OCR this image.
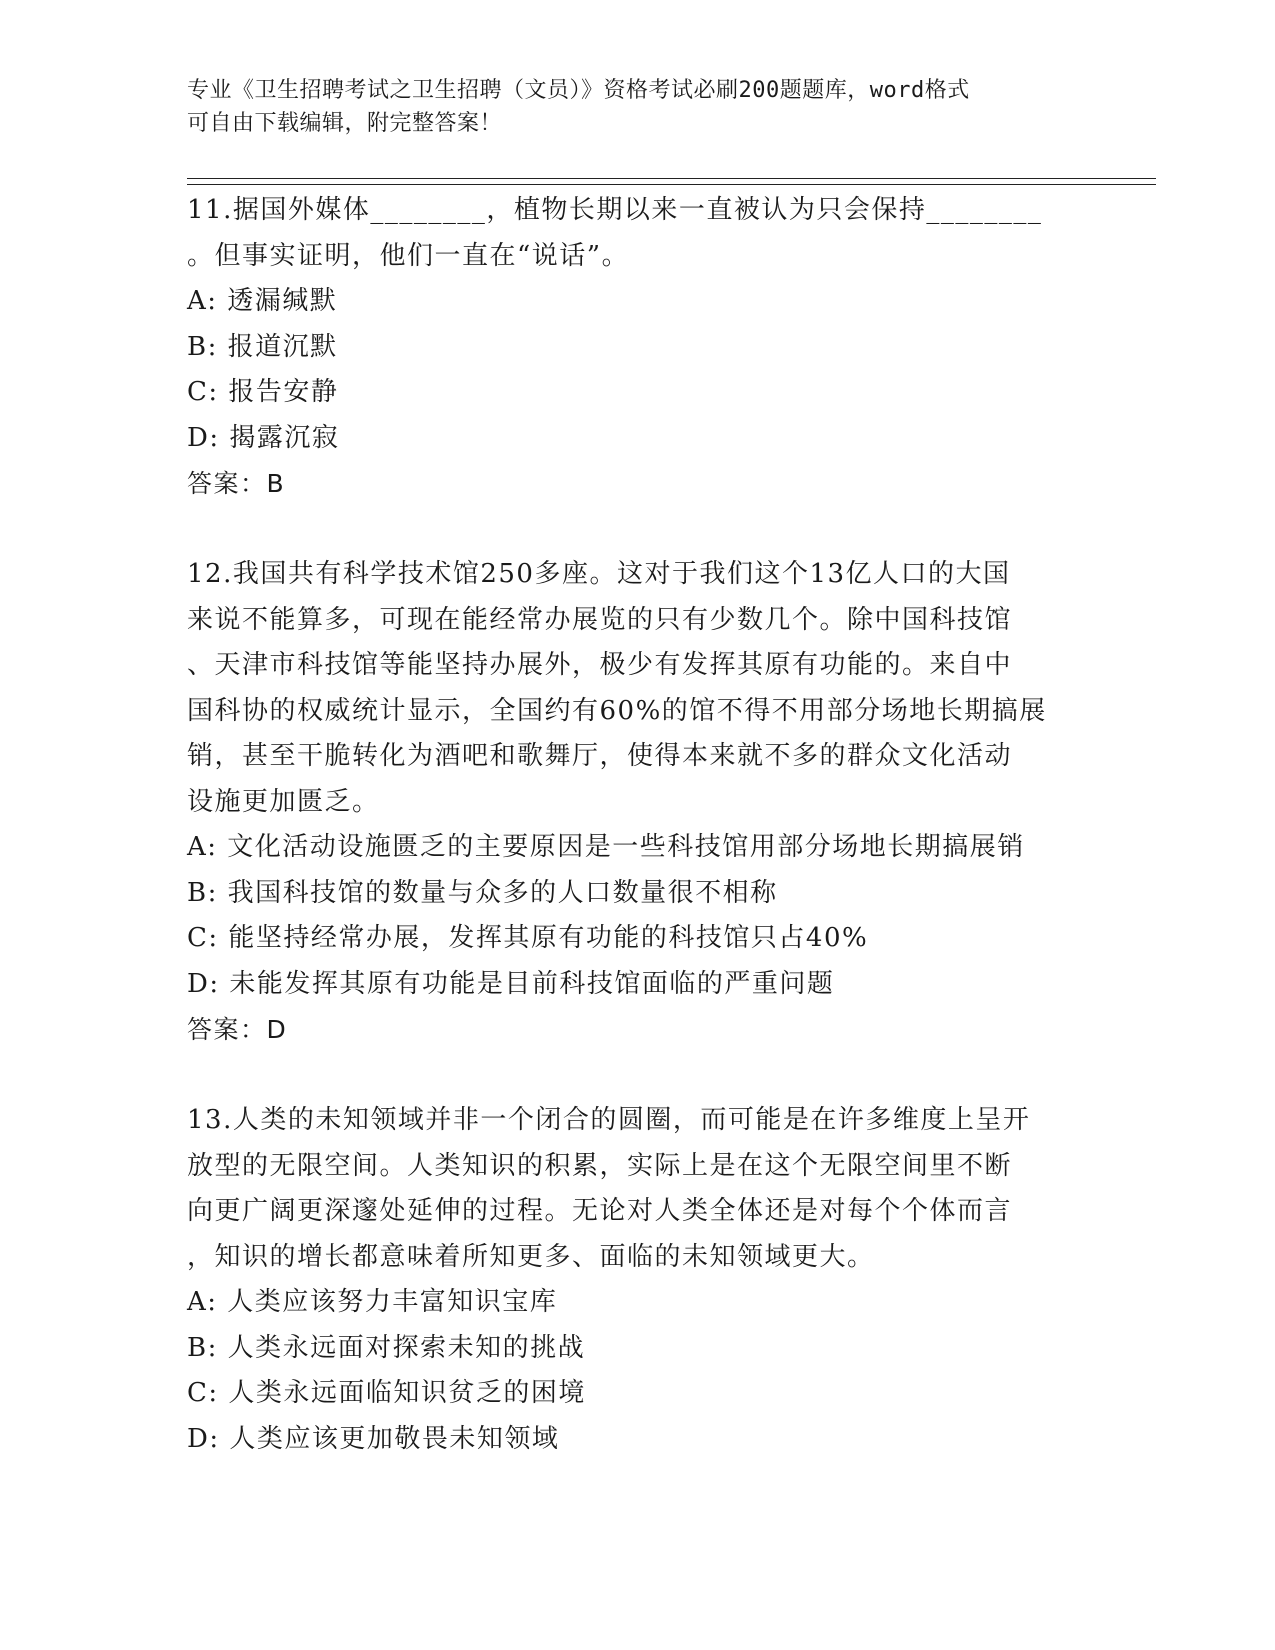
专业《卫生招聘考试之卫生招聘（文员）》资格考试必刷200题题库，word格式
可自由下载编辑，附完整答案！

11.据国外媒体________，植物长期以来一直被认为只会保持________

。但事实证明，他们一直在“说话”。

A: 透漏缄默

B: 报道沉默

C: 报告安静

D: 揭露沉寂

答案：B

12.我国共有科学技术馆250多座。这对于我们这个13亿人口的大国

来说不能算多，可现在能经常办展览的只有少数几个。除中国科技馆

、天津市科技馆等能坚持办展外，极少有发挥其原有功能的。来自中

国科协的权威统计显示，全国约有60%的馆不得不用部分场地长期搞展

销，甚至干脆转化为酒吧和歌舞厅，使得本来就不多的群众文化活动

设施更加匮乏。

A: 文化活动设施匮乏的主要原因是一些科技馆用部分场地长期搞展销

B: 我国科技馆的数量与众多的人口数量很不相称

C: 能坚持经常办展，发挥其原有功能的科技馆只占40%

D: 未能发挥其原有功能是目前科技馆面临的严重问题

答案：D

13.人类的未知领域并非一个闭合的圆圈，而可能是在许多维度上呈开

放型的无限空间。人类知识的积累，实际上是在这个无限空间里不断

向更广阔更深邃处延伸的过程。无论对人类全体还是对每个个体而言

，知识的增长都意味着所知更多、面临的未知领域更大。

A: 人类应该努力丰富知识宝库

B: 人类永远面对探索未知的挑战

C: 人类永远面临知识贫乏的困境

D: 人类应该更加敬畏未知领域
